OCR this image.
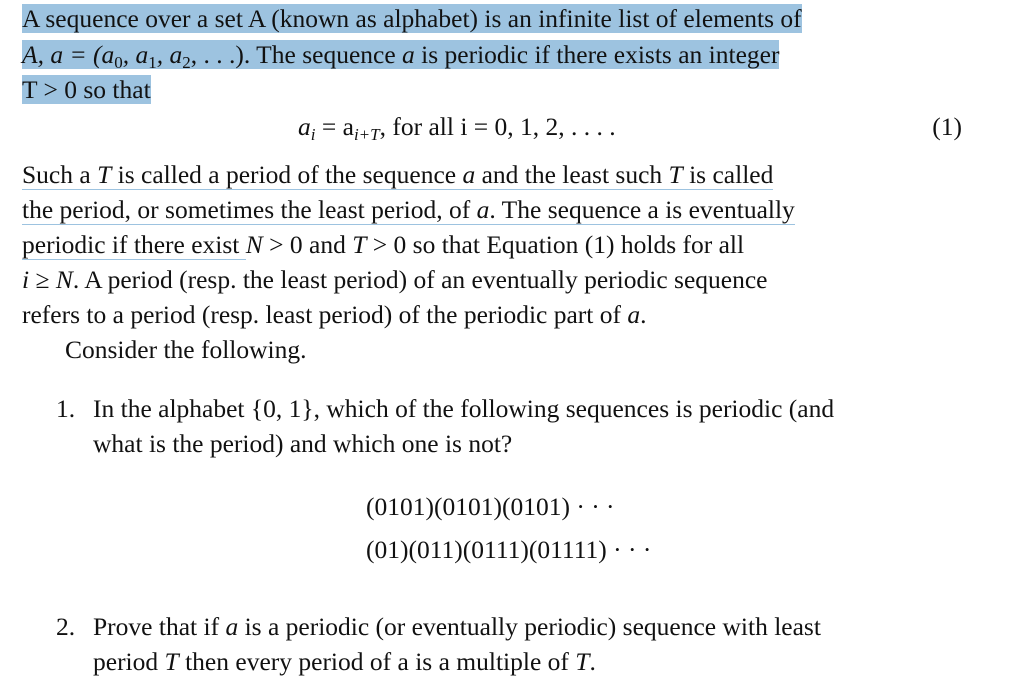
A sequence over a set A (known as alphabet) is an infinite list of elements of
A, $a = (a_0$, $a_1$, $a_2$, . . .). The sequence a is periodic if there exists an integer
T > 0 so that
$a_i = a_{i+T}$, for all i = 0, 1, 2, . . . .	(1)
Such a T is called a period of the sequence a and the least such T is called
the period, or sometimes the least period, of a. The sequence a is eventually
periodic if there exist N > 0 and T > 0 so that Equation (1) holds for all
i ≥ N. A period (resp. the least period) of an eventually periodic sequence
refers to a period (resp. least period) of the periodic part of a.
Consider the following.
1. In the alphabet {0, 1}, which of the following sequences is periodic (and
what is the period) and which one is not?
(0101)(0101)(0101) · · ·
(01)(011)(0111)(01111) · · ·
2. Prove that if a is a periodic (or eventually periodic) sequence with least
period T then every period of a is a multiple of T.
